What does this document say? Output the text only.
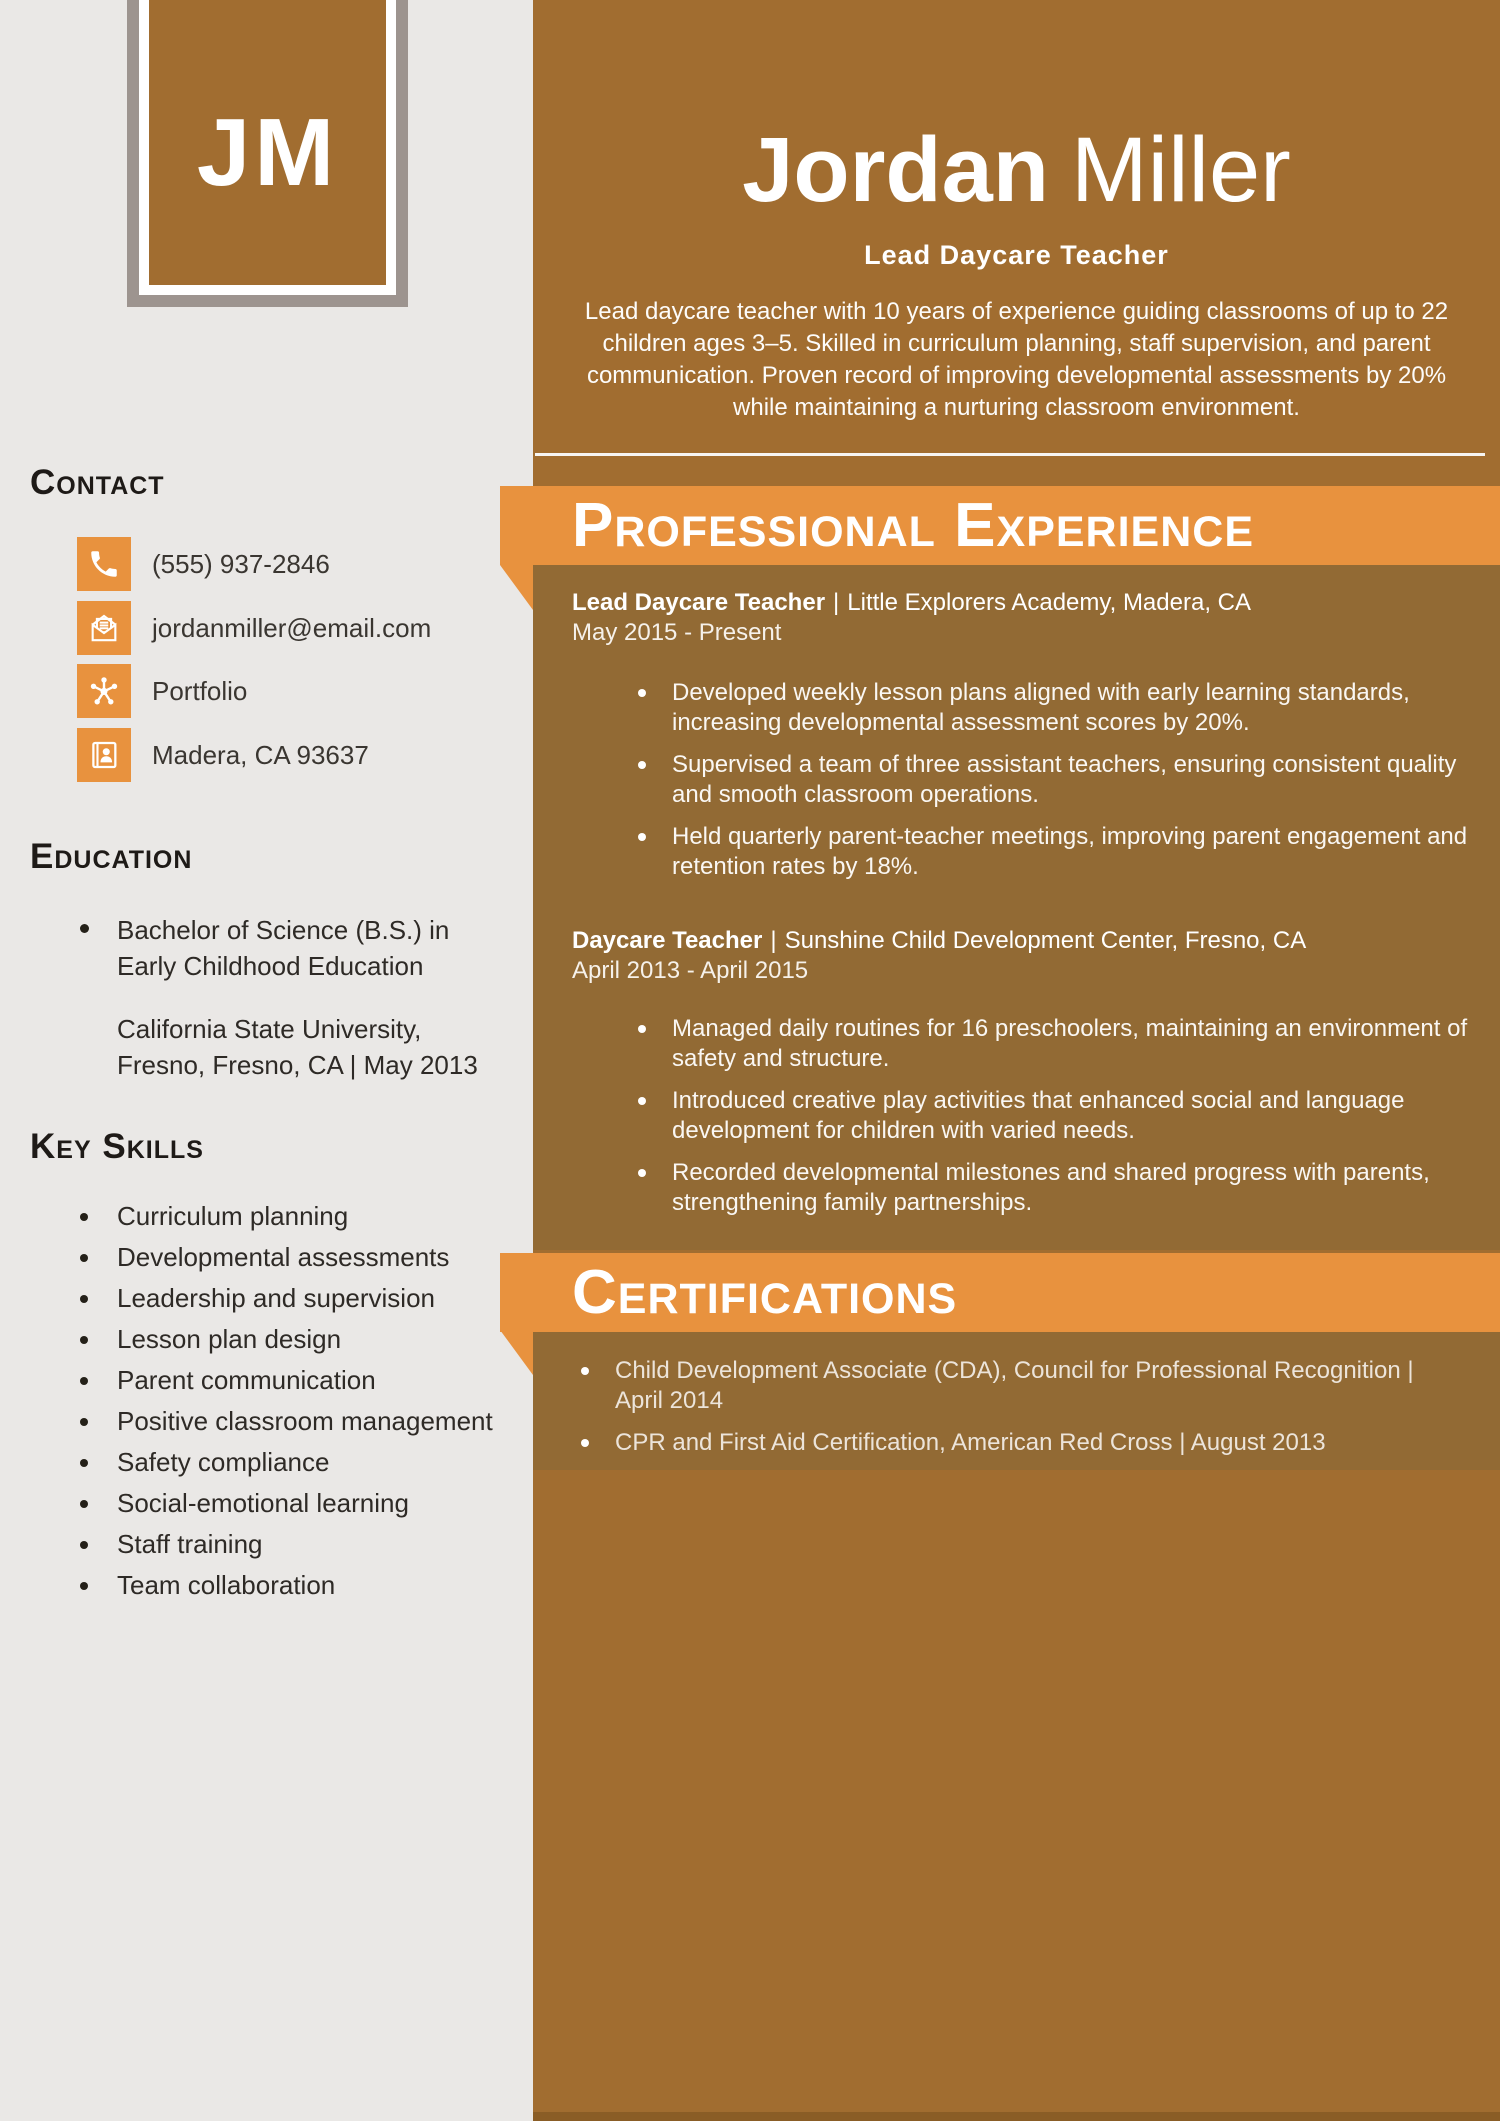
JM	Jordan Miller
Lead Daycare Teacher
Lead daycare teacher with 10 years of experience guiding classrooms of up to 22 children ages 3–5. Skilled in curriculum planning, staff supervision, and parent communication. Proven record of improving developmental assessments by 20% while maintaining a nurturing classroom environment.
Contact
(555) 937-2846
jordanmiller@email.com
Portfolio
Madera, CA 93637
Education
Bachelor of Science (B.S.) in Early Childhood Education
California State University, Fresno, Fresno, CA | May 2013
Key Skills
Curriculum planning
Developmental assessments
Leadership and supervision
Lesson plan design
Parent communication
Positive classroom management
Safety compliance
Social-emotional learning
Staff training
Team collaboration
Lead Daycare Teacher | Little Explorers Academy, Madera, CA
May 2015 - Present
Developed weekly lesson plans aligned with early learning standards, increasing developmental assessment scores by 20%.
Supervised a team of three assistant teachers, ensuring consistent quality and smooth classroom operations.
Held quarterly parent-teacher meetings, improving parent engagement and retention rates by 18%.
Daycare Teacher | Sunshine Child Development Center, Fresno, CA
April 2013 - April 2015
Managed daily routines for 16 preschoolers, maintaining an environment of safety and structure.
Introduced creative play activities that enhanced social and language development for children with varied needs.
Recorded developmental milestones and shared progress with parents, strengthening family partnerships.
Professional Experience
Child Development Associate (CDA), Council for Professional Recognition | April 2014
CPR and First Aid Certification, American Red Cross | August 2013
Certifications
